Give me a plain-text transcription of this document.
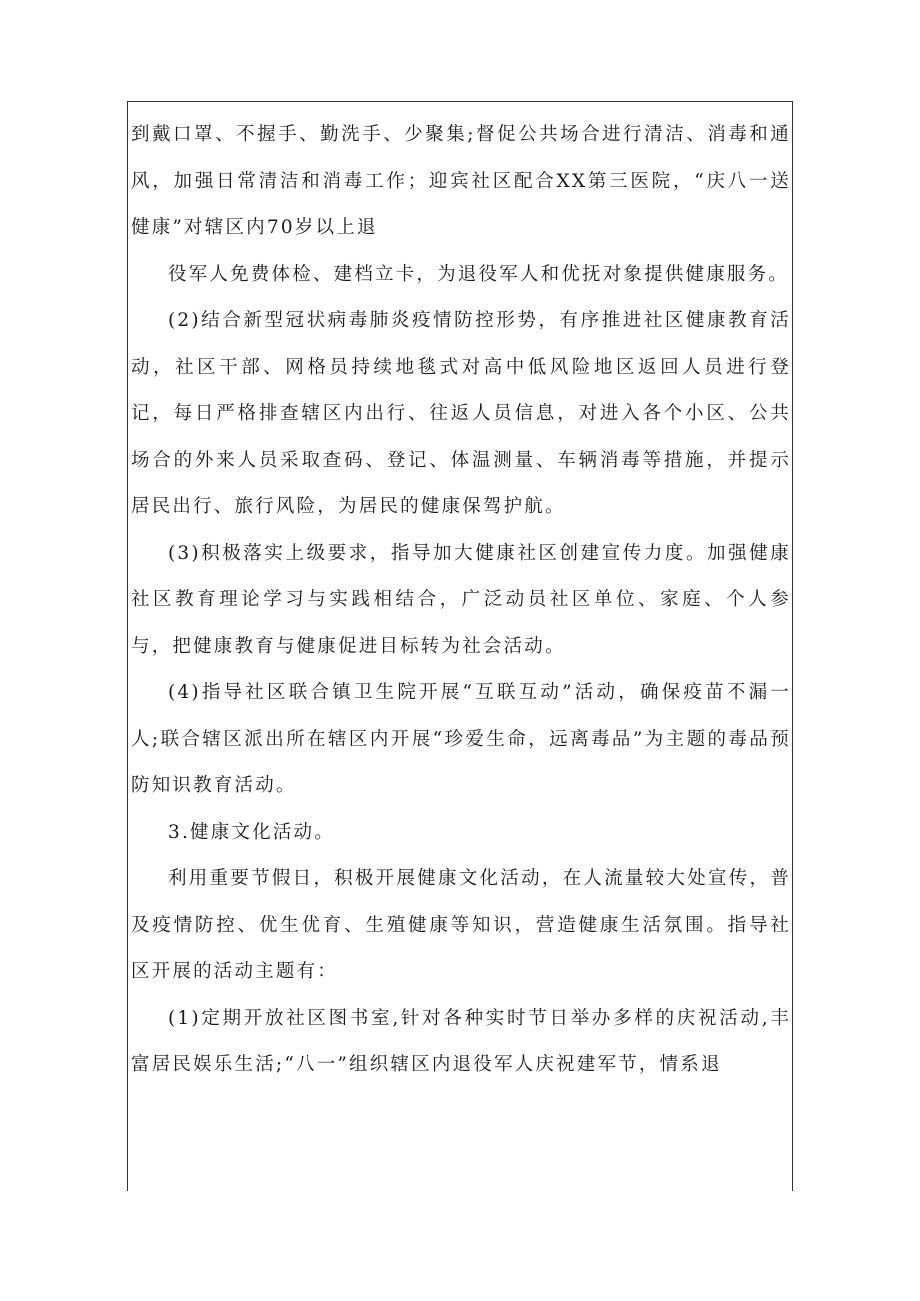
到戴口罩、不握手、勤洗手、少聚集;督促公共场合进行清洁、消毒和通风，加强日常清洁和消毒工作；迎宾社区配合XX第三医院，“庆八一送健康”对辖区内70岁以上退

役军人免费体检、建档立卡，为退役军人和优抚对象提供健康服务。

(2)结合新型冠状病毒肺炎疫情防控形势，有序推进社区健康教育活动，社区干部、网格员持续地毯式对高中低风险地区返回人员进行登记，每日严格排查辖区内出行、往返人员信息，对进入各个小区、公共场合的外来人员采取查码、登记、体温测量、车辆消毒等措施，并提示居民出行、旅行风险，为居民的健康保驾护航。

(3)积极落实上级要求，指导加大健康社区创建宣传力度。加强健康社区教育理论学习与实践相结合，广泛动员社区单位、家庭、个人参与，把健康教育与健康促进目标转为社会活动。

(4)指导社区联合镇卫生院开展“互联互动”活动，确保疫苗不漏一人;联合辖区派出所在辖区内开展“珍爱生命，远离毒品”为主题的毒品预防知识教育活动。

3.健康文化活动。

利用重要节假日，积极开展健康文化活动，在人流量较大处宣传，普及疫情防控、优生优育、生殖健康等知识，营造健康生活氛围。指导社区开展的活动主题有：

(1)定期开放社区图书室,针对各种实时节日举办多样的庆祝活动,丰富居民娱乐生活;“八一”组织辖区内退役军人庆祝建军节，情系退
